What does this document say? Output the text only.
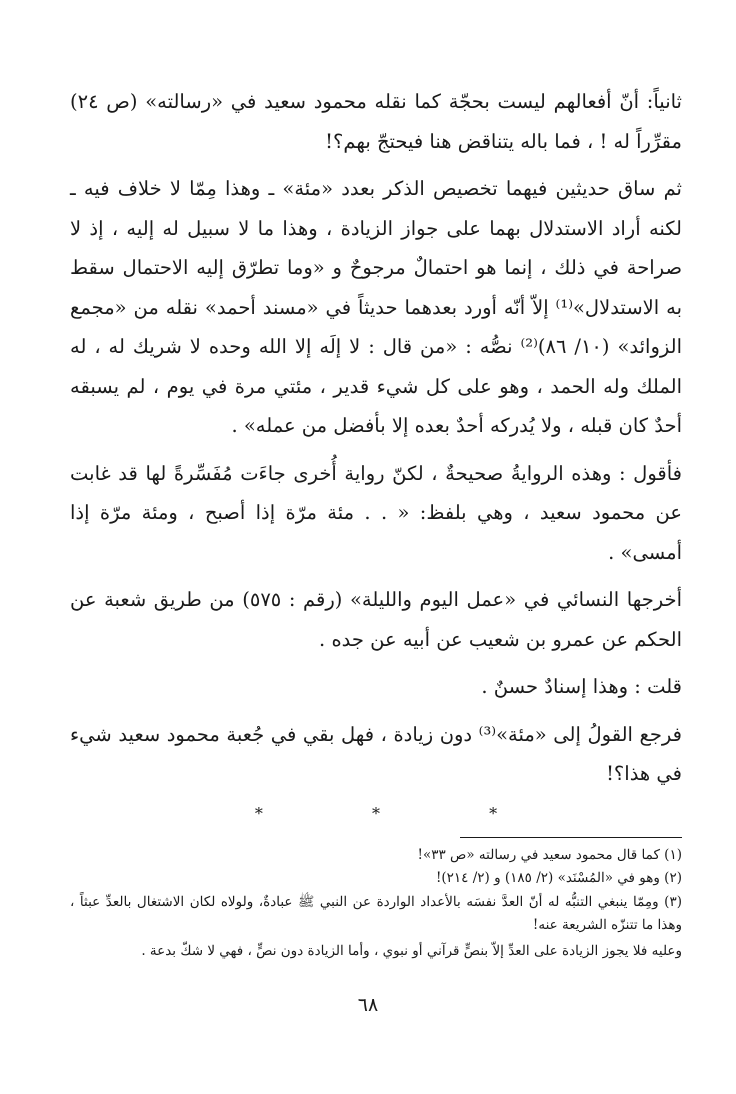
ثانياً: أنّ أفعالهم ليست بحجّة كما نقله محمود سعيد في «رسالته» (ص ٢٤) مقرِّراً له ! ، فما باله يتناقض هنا فيحتجّ بهم؟!

ثم ساق حديثين فيهما تخصيص الذكر بعدد «مئة» ـ وهذا مِمّا لا خلاف فيه ـ لكنه أراد الاستدلال بهما على جواز الزيادة ، وهذا ما لا سبيل له إليه ، إذ لا صراحة في ذلك ، إنما هو احتمالٌ مرجوحٌ و «وما تطرّق إليه الاحتمال سقط به الاستدلال»⁽¹⁾ إلاّ أنّه أورد بعدهما حديثاً في «مسند أحمد» نقله من «مجمع الزوائد» (١٠/ ٨٦)⁽²⁾ نصُّه : «من قال : لا إلَه إلا الله وحده لا شريك له ، له الملك وله الحمد ، وهو على كل شيء قدير ، مئتي مرة في يوم ، لم يسبقه أحدٌ كان قبله ، ولا يُدركه أحدٌ بعده إلا بأفضل من عمله» .

فأقول : وهذه الروايةُ صحيحةٌ ، لكنّ رواية أُخرى جاءَت مُفَسِّرةً لها قد غابت عن محمود سعيد ، وهي بلفظ: « . . مئة مرّة إذا أصبح ، ومئة مرّة إذا أمسى» .

أخرجها النسائي في «عمل اليوم والليلة» (رقم : ٥٧٥) من طريق شعبة عن الحكم عن عمرو بن شعيب عن أبيه عن جده .

قلت : وهذا إسنادٌ حسنٌ .

فرجع القولُ إلى «مئة»⁽³⁾ دون زيادة ، فهل بقي في جُعبة محمود سعيد شيء في هذا؟!

* * *

(١) كما قال محمود سعيد في رسالته «ص ٣٣»!

(٢) وهو في «المُسْنَد» (٢/ ١٨٥) و (٢/ ٢١٤)!

(٣) ومِمّا ينبغي التنبُّه له أنّ العدَّ نفسَه بالأعداد الواردة عن النبي ﷺ عبادةٌ، ولولاه لكان الاشتغال بالعدِّ عبثاً ، وهذا ما تتنزّه الشريعة عنه!

وعليه فلا يجوز الزيادة على العدِّ إلاّ بنصٍّ قرآني أو نبوي ، وأما الزيادة دون نصٍّ ، فهي لا شكّ بدعة .

٦٨
